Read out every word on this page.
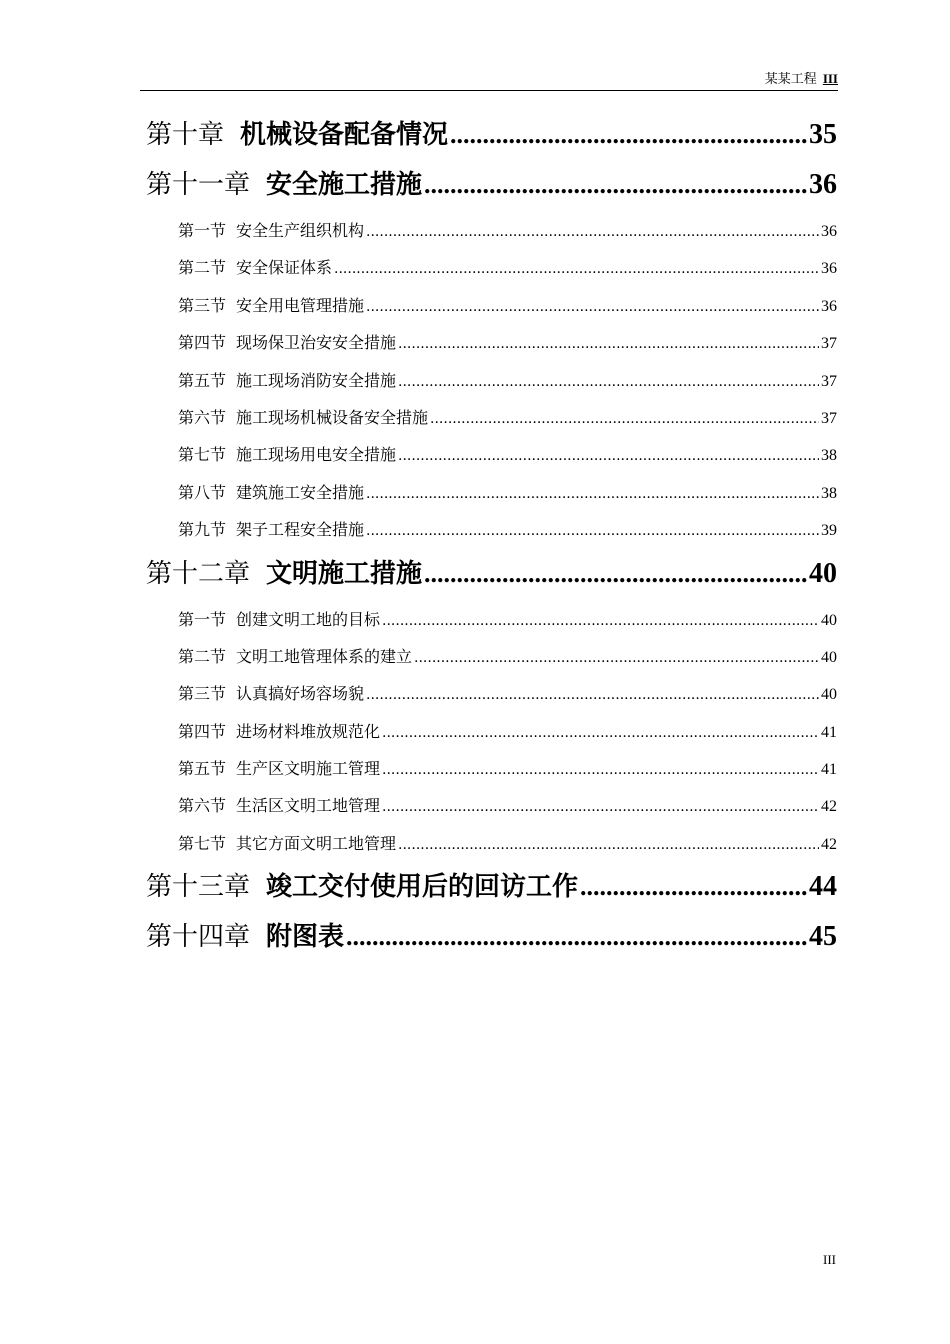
某某工程 III
第十章 机械设备配备情况 .....	35
第十一章 安全施工措施 .....	36
第一节 安全生产组织机构 .....	36
第二节 安全保证体系 .....	36
第三节 安全用电管理措施 .....	36
第四节 现场保卫治安安全措施 .....	37
第五节 施工现场消防安全措施 .....	37
第六节 施工现场机械设备安全措施 .....	37
第七节 施工现场用电安全措施 .....	38
第八节 建筑施工安全措施 .....	38
第九节 架子工程安全措施 .....	39
第十二章 文明施工措施 .....	40
第一节 创建文明工地的目标 .....	40
第二节 文明工地管理体系的建立 .....	40
第三节 认真搞好场容场貌 .....	40
第四节 进场材料堆放规范化 .....	41
第五节 生产区文明施工管理 .....	41
第六节 生活区文明工地管理 .....	42
第七节 其它方面文明工地管理 .....	42
第十三章 竣工交付使用后的回访工作 .....	44
第十四章 附图表 .....	45
III
